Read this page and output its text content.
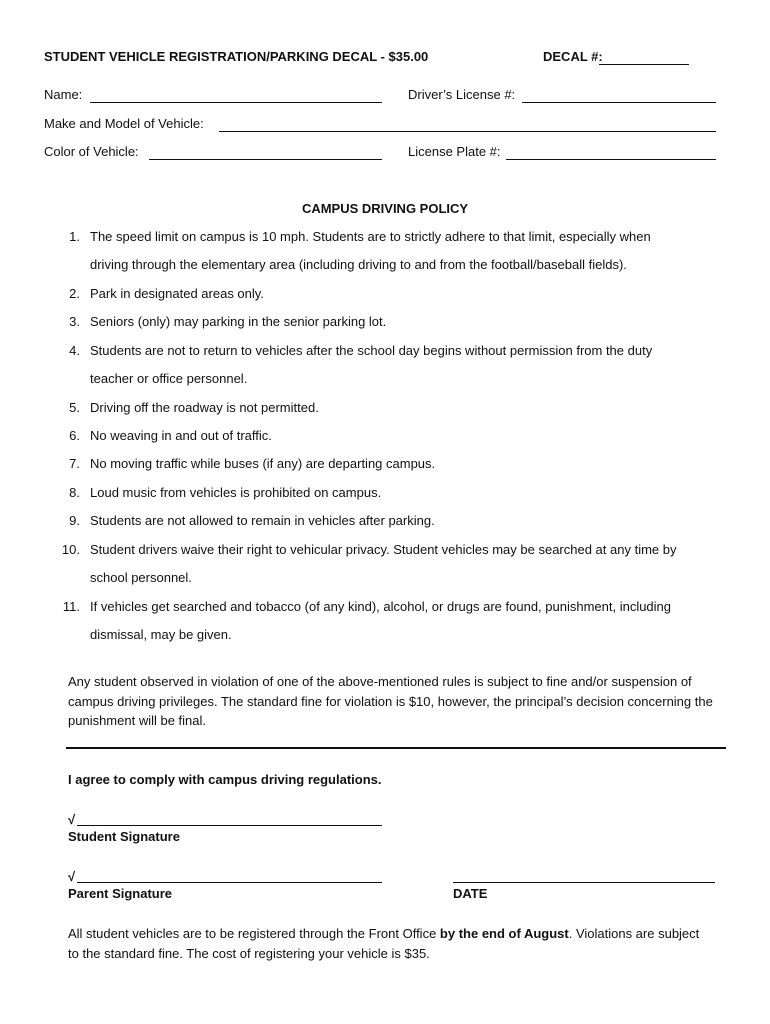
STUDENT VEHICLE REGISTRATION/PARKING DECAL - $35.00	DECAL #:
Name:	Driver’s License #:
Make and Model of Vehicle:
Color of Vehicle:	License Plate #:
CAMPUS DRIVING POLICY
1. The speed limit on campus is 10 mph. Students are to strictly adhere to that limit, especially when
driving through the elementary area (including driving to and from the football/baseball fields).
2. Park in designated areas only.
3. Seniors (only) may parking in the senior parking lot.
4. Students are not to return to vehicles after the school day begins without permission from the duty
teacher or office personnel.
5. Driving off the roadway is not permitted.
6. No weaving in and out of traffic.
7. No moving traffic while buses (if any) are departing campus.
8. Loud music from vehicles is prohibited on campus.
9. Students are not allowed to remain in vehicles after parking.
10. Student drivers waive their right to vehicular privacy. Student vehicles may be searched at any time by
school personnel.
11. If vehicles get searched and tobacco (of any kind), alcohol, or drugs are found, punishment, including
dismissal, may be given.
Any student observed in violation of one of the above-mentioned rules is subject to fine and/or suspension of campus driving privileges. The standard fine for violation is $10, however, the principal’s decision concerning the punishment will be final.
I agree to comply with campus driving regulations.
√
Student Signature
√
Parent Signature	DATE
All student vehicles are to be registered through the Front Office by the end of August. Violations are subject to the standard fine. The cost of registering your vehicle is $35.
